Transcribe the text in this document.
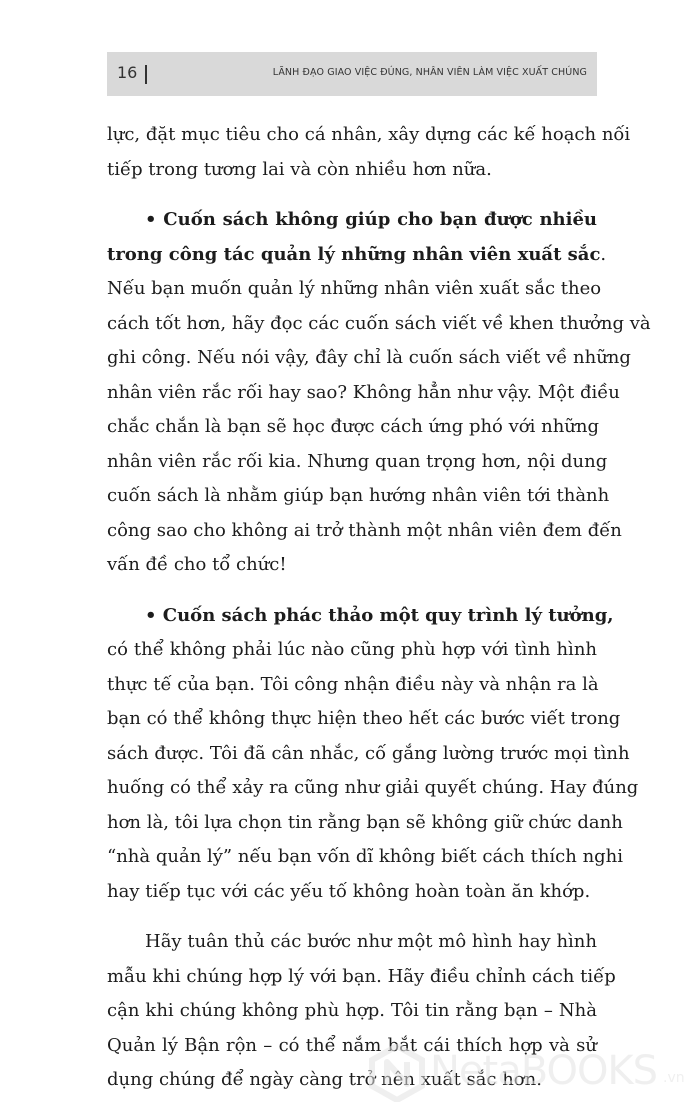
16	LÃNH ĐẠO GIAO VIỆC ĐÚNG, NHÂN VIÊN LÀM VIỆC XUẤT CHÚNG
lực, đặt mục tiêu cho cá nhân, xây dựng các kế hoạch nối
tiếp trong tương lai và còn nhiều hơn nữa.
• Cuốn sách không giúp cho bạn được nhiều
trong công tác quản lý những nhân viên xuất sắc.
Nếu bạn muốn quản lý những nhân viên xuất sắc theo
cách tốt hơn, hãy đọc các cuốn sách viết về khen thưởng và
ghi công. Nếu nói vậy, đây chỉ là cuốn sách viết về những
nhân viên rắc rối hay sao? Không hẳn như vậy. Một điều
chắc chắn là bạn sẽ học được cách ứng phó với những
nhân viên rắc rối kia. Nhưng quan trọng hơn, nội dung
cuốn sách là nhằm giúp bạn hướng nhân viên tới thành
công sao cho không ai trở thành một nhân viên đem đến
vấn đề cho tổ chức!
• Cuốn sách phác thảo một quy trình lý tưởng,
có thể không phải lúc nào cũng phù hợp với tình hình
thực tế của bạn. Tôi công nhận điều này và nhận ra là
bạn có thể không thực hiện theo hết các bước viết trong
sách được. Tôi đã cân nhắc, cố gắng lường trước mọi tình
huống có thể xảy ra cũng như giải quyết chúng. Hay đúng
hơn là, tôi lựa chọn tin rằng bạn sẽ không giữ chức danh
“nhà quản lý” nếu bạn vốn dĩ không biết cách thích nghi
hay tiếp tục với các yếu tố không hoàn toàn ăn khớp.
Hãy tuân thủ các bước như một mô hình hay hình
mẫu khi chúng hợp lý với bạn. Hãy điều chỉnh cách tiếp
cận khi chúng không phù hợp. Tôi tin rằng bạn – Nhà
Quản lý Bận rộn – có thể nắm bắt cái thích hợp và sử
dụng chúng để ngày càng trở nên xuất sắc hơn.
NetaBOOKS .vn
